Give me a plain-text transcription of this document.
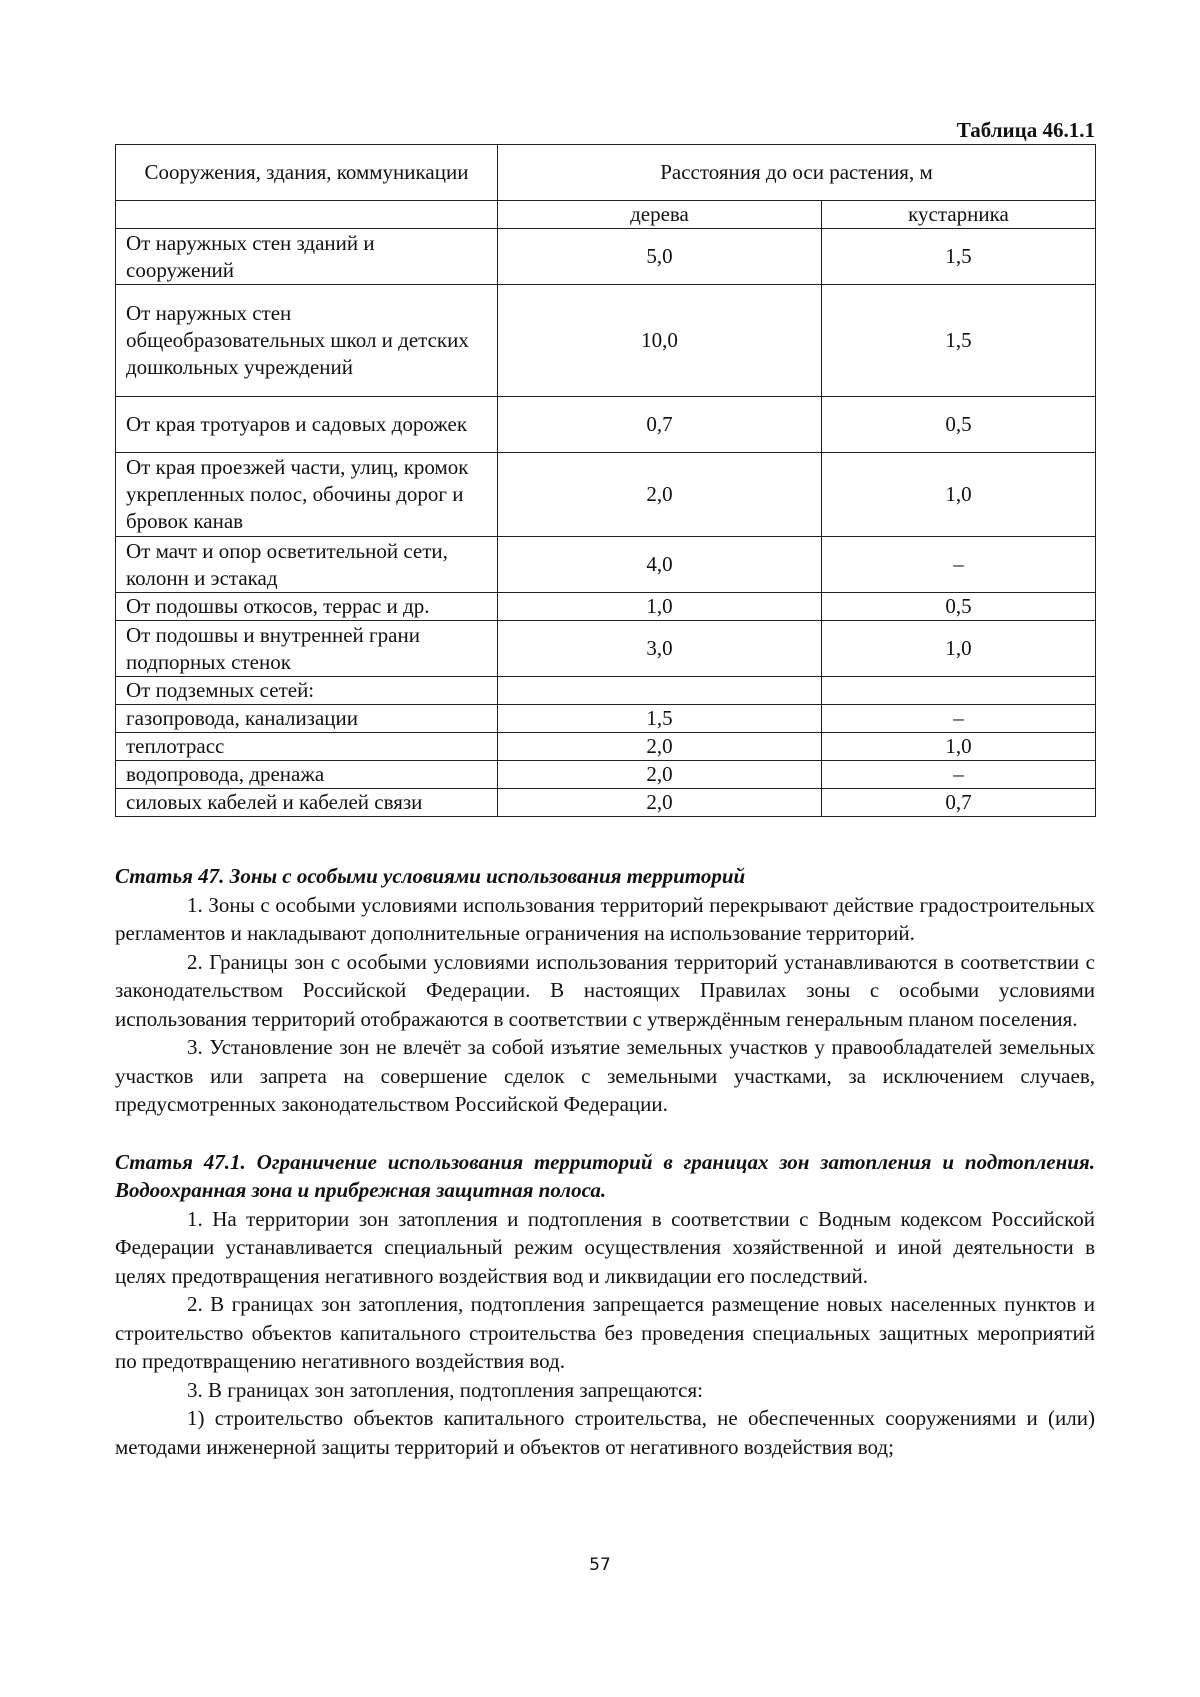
Таблица 46.1.1
Сооружения, здания, коммуникации	Расстояния до оси растения, м	
	дерева	кустарника
От наружных стен зданий и сооружений	5,0	1,5
От наружных стен общеобразовательных школ и детских дошкольных учреждений	10,0	1,5
От края тротуаров и садовых дорожек	0,7	0,5
От края проезжей части, улиц, кромок укрепленных полос, обочины дорог и бровок канав	2,0	1,0
От мачт и опор осветительной сети, колонн и эстакад	4,0	–
От подошвы откосов, террас и др.	1,0	0,5
От подошвы и внутренней грани подпорных стенок	3,0	1,0
От подземных сетей:		
газопровода, канализации	1,5	–
теплотрасс	2,0	1,0
водопровода, дренажа	2,0	–
силовых кабелей и кабелей связи	2,0	0,7
Статья 47. Зоны с особыми условиями использования территорий

1. Зоны с особыми условиями использования территорий перекрывают действие градостроительных регламентов и накладывают дополнительные ограничения на использование территорий.

2. Границы зон с особыми условиями использования территорий устанавливаются в соответствии с законодательством Российской Федерации. В настоящих Правилах зоны с особыми условиями использования территорий отображаются в соответствии с утверждённым генеральным планом поселения.

3. Установление зон не влечёт за собой изъятие земельных участков у правообладателей земельных участков или запрета на совершение сделок с земельными участками, за исключением случаев, предусмотренных законодательством Российской Федерации.

Статья 47.1. Ограничение использования территорий в границах зон затопления и подтопления. Водоохранная зона и прибрежная защитная полоса.

1. На территории зон затопления и подтопления в соответствии с Водным кодексом Российской Федерации устанавливается специальный режим осуществления хозяйственной и иной деятельности в целях предотвращения негативного воздействия вод и ликвидации его последствий.

2. В границах зон затопления, подтопления запрещается размещение новых населенных пунктов и строительство объектов капитального строительства без проведения специальных защитных мероприятий по предотвращению негативного воздействия вод.

3. В границах зон затопления, подтопления запрещаются:

1) строительство объектов капитального строительства, не обеспеченных сооружениями и (или) методами инженерной защиты территорий и объектов от негативного воздействия вод;

57
